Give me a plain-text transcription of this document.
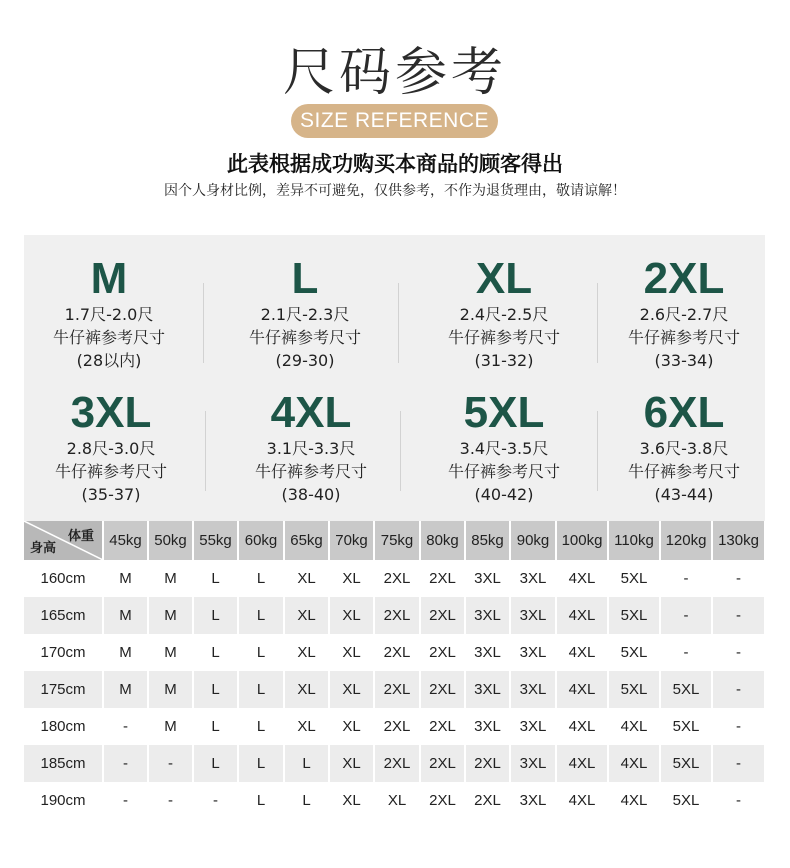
尺码参考
SIZE REFERENCE
此表根据成功购买本商品的顾客得出
因个人身材比例，差异不可避免，仅供参考，不作为退货理由，敬请谅解！
M
1.7尺-2.0尺
牛仔裤参考尺寸
(28以内)
L
2.1尺-2.3尺
牛仔裤参考尺寸
(29-30)
XL
2.4尺-2.5尺
牛仔裤参考尺寸
(31-32)
2XL
2.6尺-2.7尺
牛仔裤参考尺寸
(33-34)
3XL
2.8尺-3.0尺
牛仔裤参考尺寸
(35-37)
4XL
3.1尺-3.3尺
牛仔裤参考尺寸
(38-40)
5XL
3.4尺-3.5尺
牛仔裤参考尺寸
(40-42)
6XL
3.6尺-3.8尺
牛仔裤参考尺寸
(43-44)
体重
身高	45kg	50kg	55kg	60kg	65kg	70kg	75kg	80kg	85kg	90kg	100kg	110kg	120kg	130kg
160cm	M	M	L	L	XL	XL	2XL	2XL	3XL	3XL	4XL	5XL	-	-
165cm	M	M	L	L	XL	XL	2XL	2XL	3XL	3XL	4XL	5XL	-	-
170cm	M	M	L	L	XL	XL	2XL	2XL	3XL	3XL	4XL	5XL	-	-
175cm	M	M	L	L	XL	XL	2XL	2XL	3XL	3XL	4XL	5XL	5XL	-
180cm	-	M	L	L	XL	XL	2XL	2XL	3XL	3XL	4XL	4XL	5XL	-
185cm	-	-	L	L	L	XL	2XL	2XL	2XL	3XL	4XL	4XL	5XL	-
190cm	-	-	-	L	L	XL	XL	2XL	2XL	3XL	4XL	4XL	5XL	-
